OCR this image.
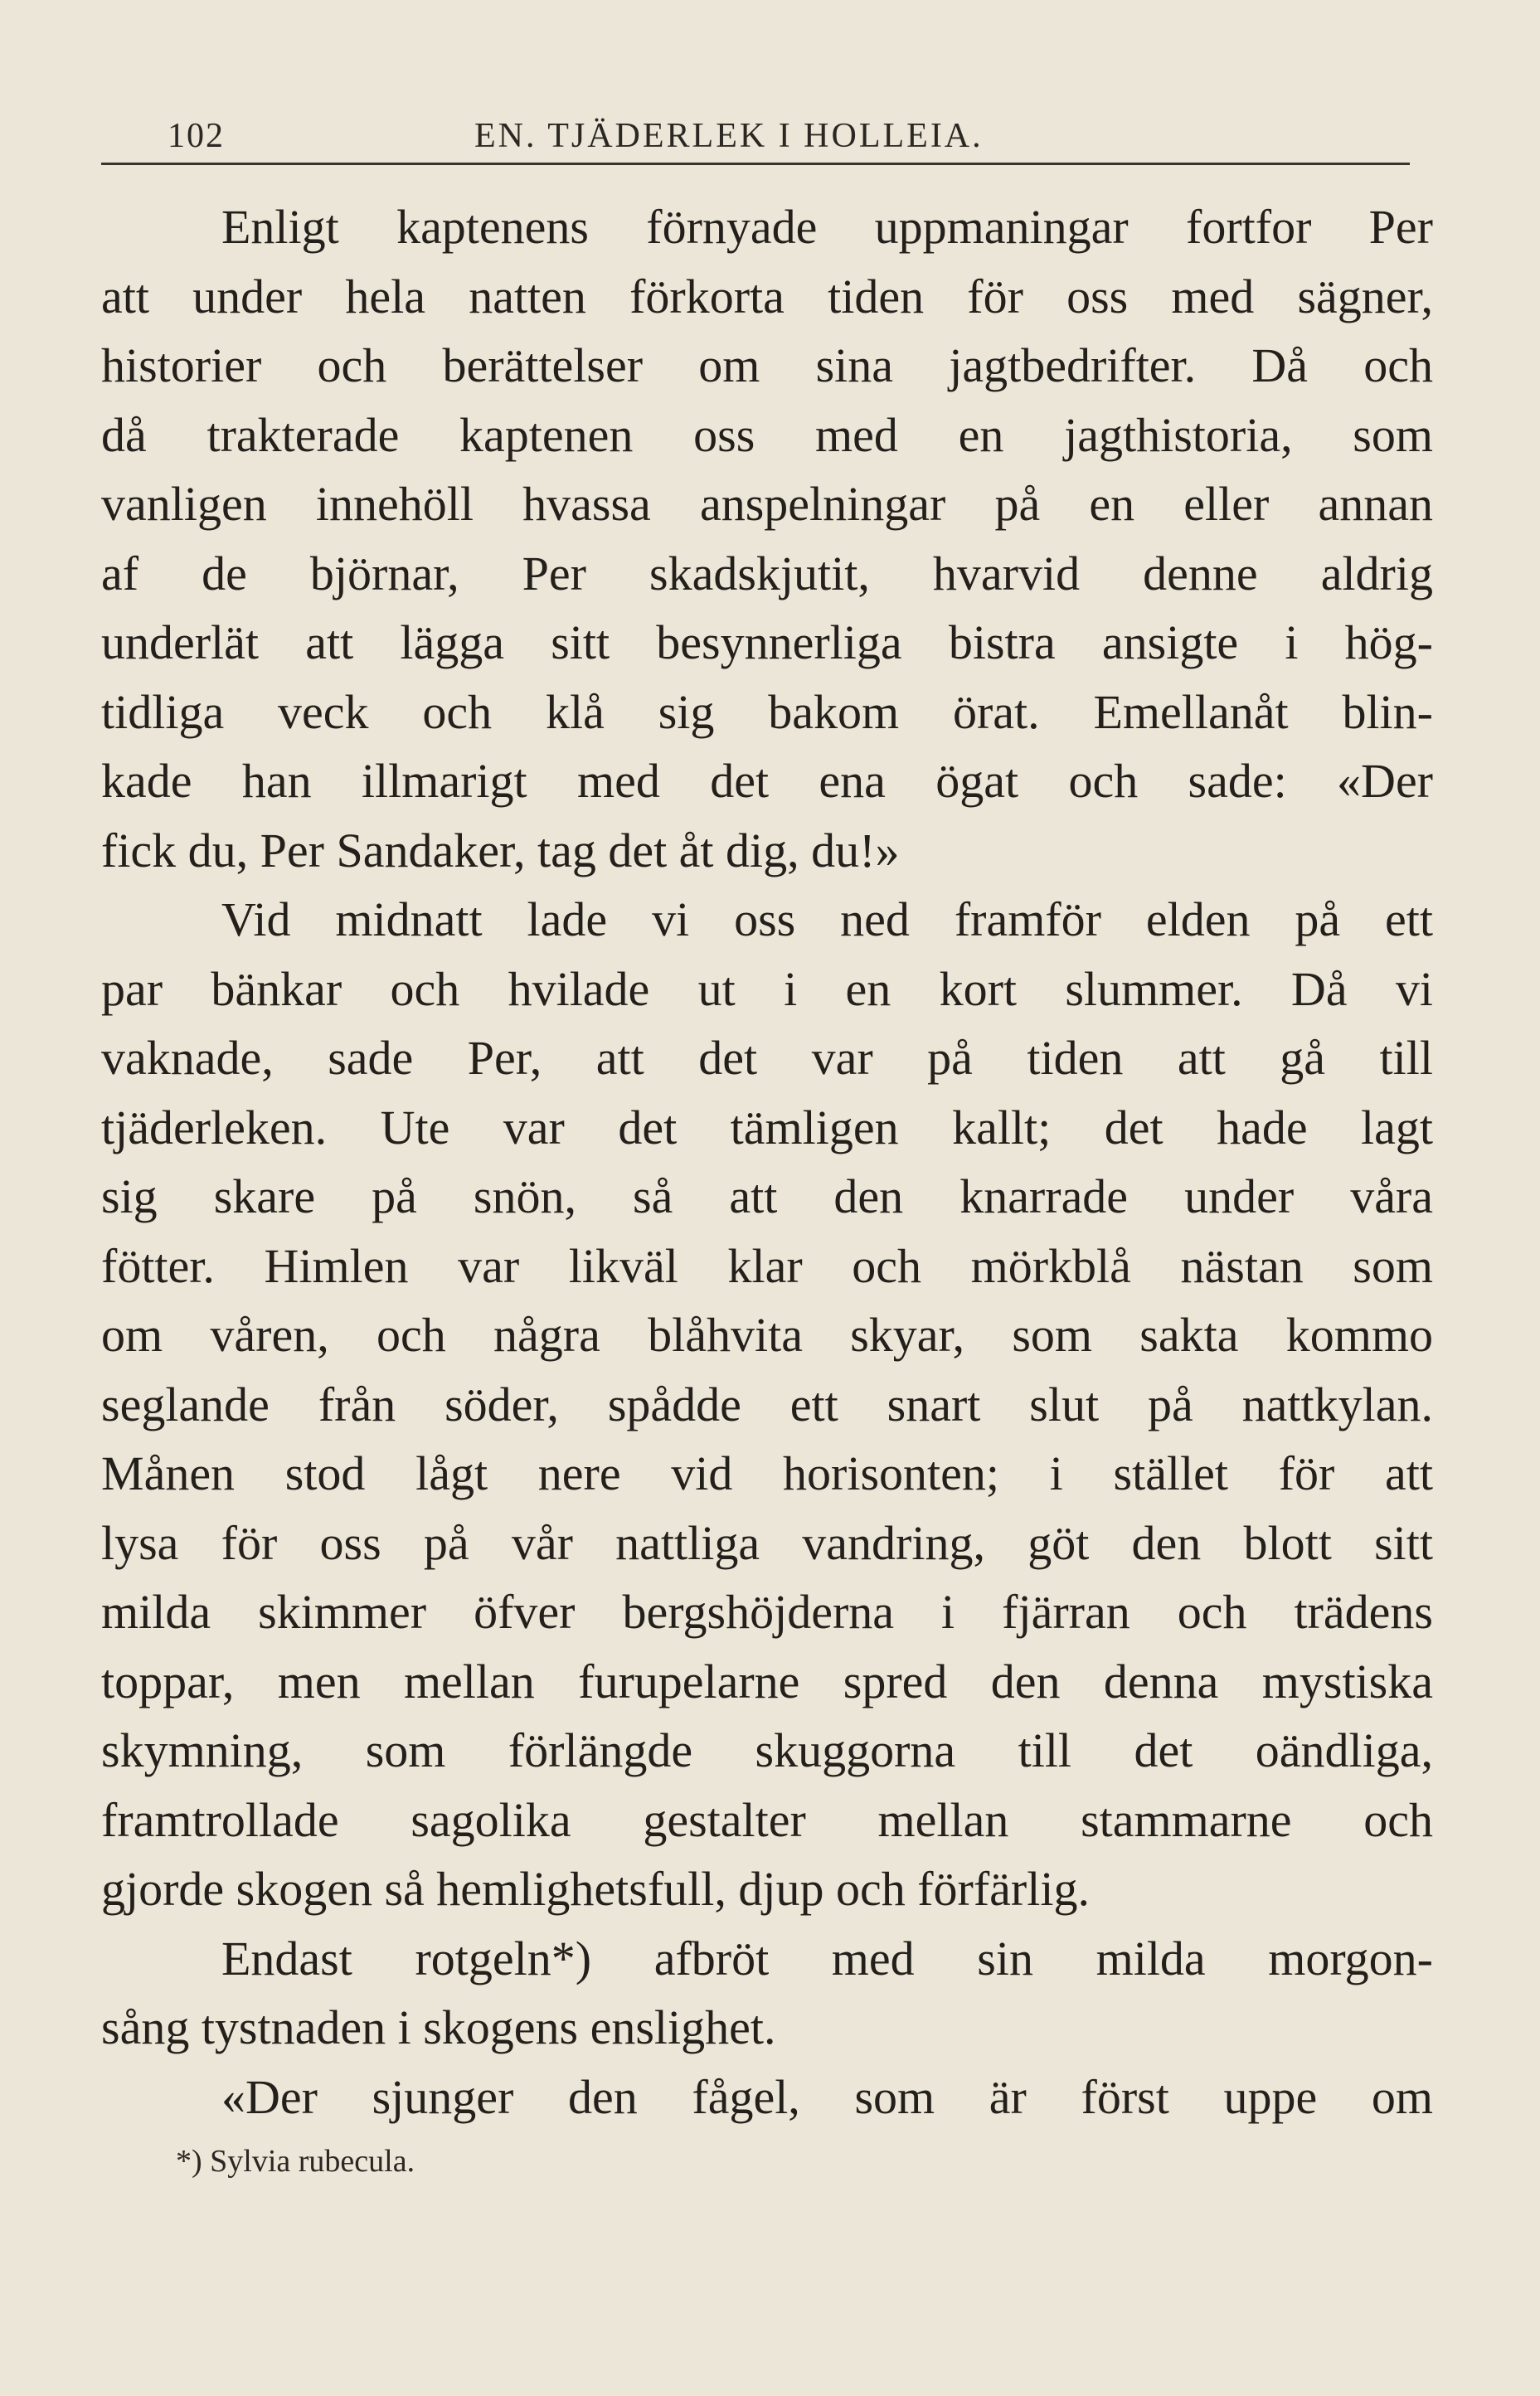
102	EN. TJÄDERLEK I HOLLEIA.
Enligt kaptenens förnyade uppmaningar fortfor Per
att under hela natten förkorta tiden för oss med sägner,
historier och berättelser om sina jagtbedrifter. Då och
då trakterade kaptenen oss med en jagthistoria, som
vanligen innehöll hvassa anspelningar på en eller annan
af de björnar, Per skadskjutit, hvarvid denne aldrig
underlät att lägga sitt besynnerliga bistra ansigte i hög-
tidliga veck och klå sig bakom örat. Emellanåt blin-
kade han illmarigt med det ena ögat och sade: «Der
fick du, Per Sandaker, tag det åt dig, du!»
Vid midnatt lade vi oss ned framför elden på ett
par bänkar och hvilade ut i en kort slummer. Då vi
vaknade, sade Per, att det var på tiden att gå till
tjäderleken. Ute var det tämligen kallt; det hade lagt
sig skare på snön, så att den knarrade under våra
fötter. Himlen var likväl klar och mörkblå nästan som
om våren, och några blåhvita skyar, som sakta kommo
seglande från söder, spådde ett snart slut på nattkylan.
Månen stod lågt nere vid horisonten; i stället för att
lysa för oss på vår nattliga vandring, göt den blott sitt
milda skimmer öfver bergshöjderna i fjärran och trädens
toppar, men mellan furupelarne spred den denna mystiska
skymning, som förlängde skuggorna till det oändliga,
framtrollade sagolika gestalter mellan stammarne och
gjorde skogen så hemlighetsfull, djup och förfärlig.
Endast rotgeln*) afbröt med sin milda morgon-
sång tystnaden i skogens enslighet.
«Der sjunger den fågel, som är först uppe om
*) Sylvia rubecula.
